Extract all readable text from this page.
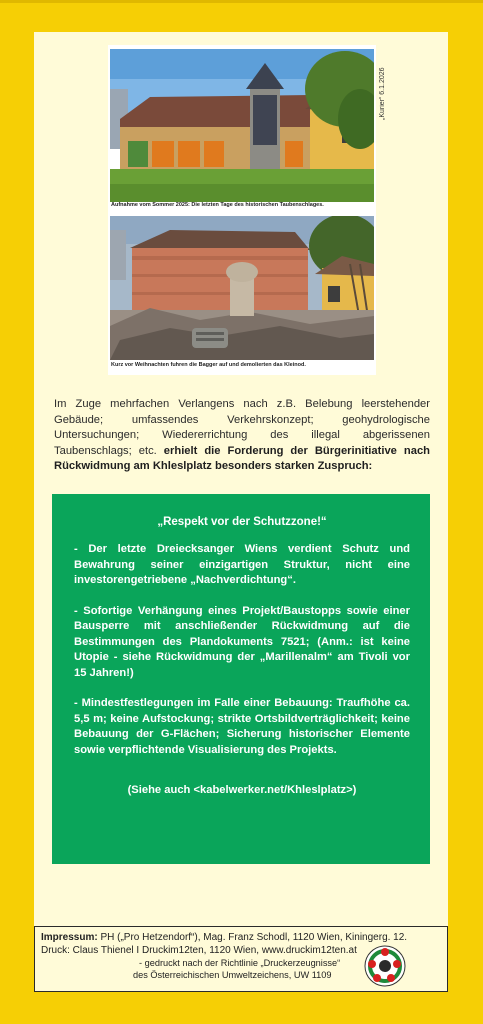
Aufnahme vom Sommer 2025: Die letzten Tage des historischen Taubenschlages.
Kurz vor Weihnachten fuhren die Bagger auf und demolierten das Kleinod.
„Kurier“ 6.1.2026
Im Zuge mehrfachen Verlangens nach z.B. Belebung leerstehender Gebäude; umfassendes Verkehrskonzept; geohydrologische Untersuchungen; Wiedererrichtung des illegal abgerissenen Taubenschlags; etc. erhielt die Forderung der Bürgerinitiative nach Rückwidmung am Khleslplatz besonders starken Zuspruch:
„Respekt vor der Schutzzone!“
- Der letzte Dreiecksanger Wiens verdient Schutz und Bewahrung seiner einzigartigen Struktur, nicht eine investorengetriebene „Nachverdichtung“.
- Sofortige Verhängung eines Projekt/Baustopps sowie einer Bausperre mit anschließender Rückwidmung auf die Bestimmungen des Plandokuments 7521; (Anm.: ist keine Utopie - siehe Rückwidmung der „Marillenalm“ am Tivoli vor 15 Jahren!)
- Mindestfestlegungen im Falle einer Bebauung: Traufhöhe ca. 5,5 m; keine Aufstockung; strikte Ortsbildverträglichkeit; keine Bebauung der G-Flächen; Sicherung historischer Elemente sowie verpflichtende Visualisierung des Projekts.
(Siehe auch <kabelwerker.net/Khleslplatz>)
Impressum: PH („Pro Hetzendorf“), Mag. Franz Schodl, 1120 Wien, Kiningerg. 12.
Druck: Claus Thienel I Druckim12ten, 1120 Wien, www.druckim12ten.at
- gedruckt nach der Richtlinie „Druckerzeugnisse“
des Österreichischen Umweltzeichens, UW 1109
